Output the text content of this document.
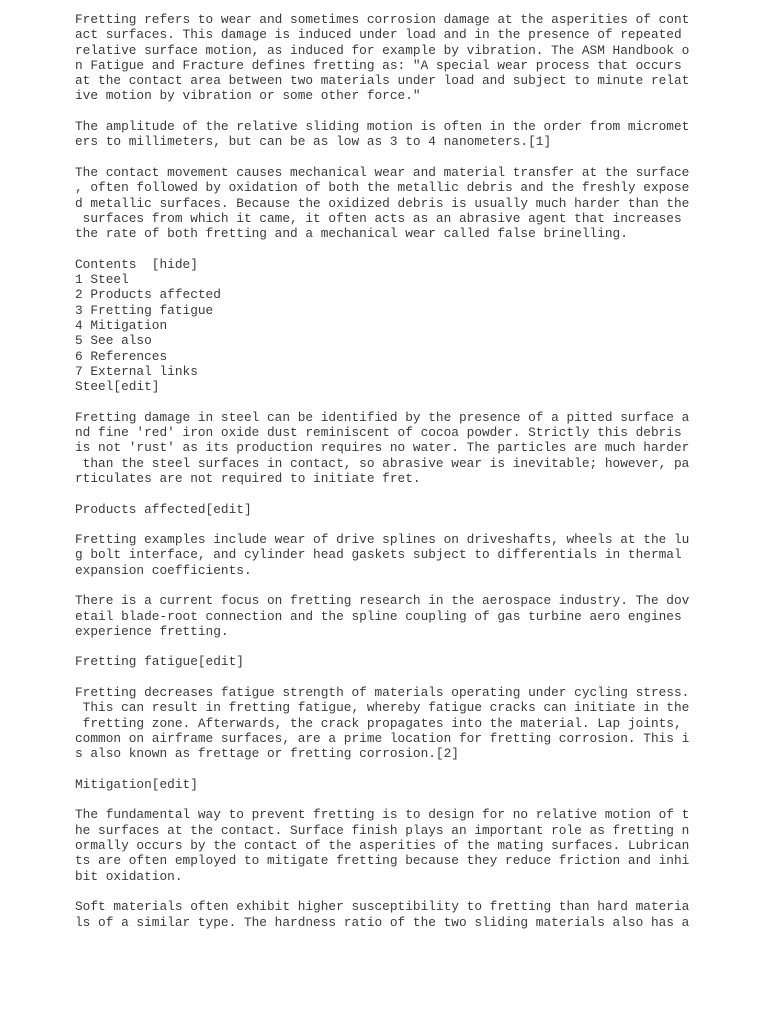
Fretting refers to wear and sometimes corrosion damage at the asperities of cont
act surfaces. This damage is induced under load and in the presence of repeated
relative surface motion, as induced for example by vibration. The ASM Handbook o
n Fatigue and Fracture defines fretting as: "A special wear process that occurs
at the contact area between two materials under load and subject to minute relat
ive motion by vibration or some other force."
The amplitude of the relative sliding motion is often in the order from micromet
ers to millimeters, but can be as low as 3 to 4 nanometers.[1]
The contact movement causes mechanical wear and material transfer at the surface
, often followed by oxidation of both the metallic debris and the freshly expose
d metallic surfaces. Because the oxidized debris is usually much harder than the
surfaces from which it came, it often acts as an abrasive agent that increases
the rate of both fretting and a mechanical wear called false brinelling.
Contents  [hide]
1 Steel
2 Products affected
3 Fretting fatigue
4 Mitigation
5 See also
6 References
7 External links
Steel[edit]
Fretting damage in steel can be identified by the presence of a pitted surface a
nd fine 'red' iron oxide dust reminiscent of cocoa powder. Strictly this debris
is not 'rust' as its production requires no water. The particles are much harder
than the steel surfaces in contact, so abrasive wear is inevitable; however, pa
rticulates are not required to initiate fret.
Products affected[edit]
Fretting examples include wear of drive splines on driveshafts, wheels at the lu
g bolt interface, and cylinder head gaskets subject to differentials in thermal
expansion coefficients.
There is a current focus on fretting research in the aerospace industry. The dov
etail blade-root connection and the spline coupling of gas turbine aero engines
experience fretting.
Fretting fatigue[edit]
Fretting decreases fatigue strength of materials operating under cycling stress.
This can result in fretting fatigue, whereby fatigue cracks can initiate in the
fretting zone. Afterwards, the crack propagates into the material. Lap joints,
common on airframe surfaces, are a prime location for fretting corrosion. This i
s also known as frettage or fretting corrosion.[2]
Mitigation[edit]
The fundamental way to prevent fretting is to design for no relative motion of t
he surfaces at the contact. Surface finish plays an important role as fretting n
ormally occurs by the contact of the asperities of the mating surfaces. Lubrican
ts are often employed to mitigate fretting because they reduce friction and inhi
bit oxidation.
Soft materials often exhibit higher susceptibility to fretting than hard materia
ls of a similar type. The hardness ratio of the two sliding materials also has a
